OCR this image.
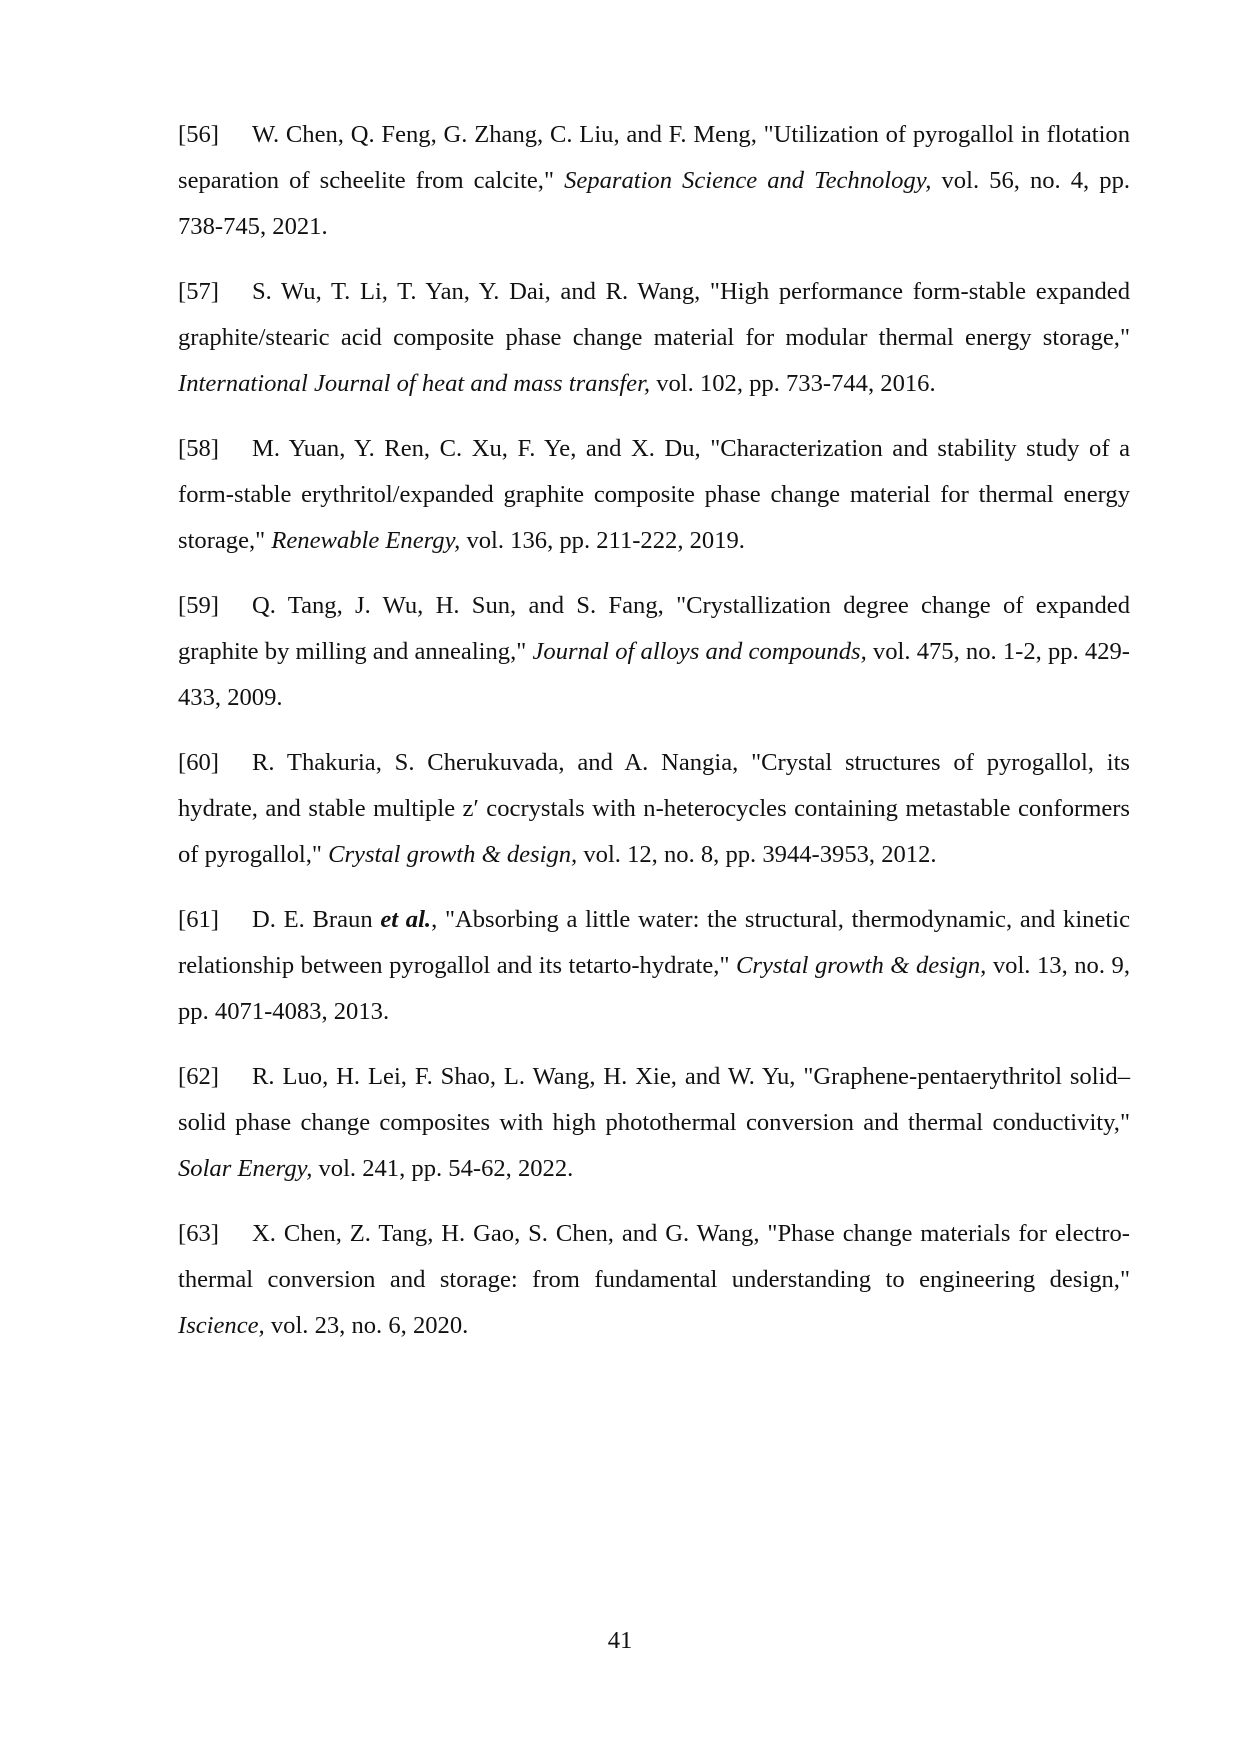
[56] W. Chen, Q. Feng, G. Zhang, C. Liu, and F. Meng, "Utilization of pyrogallol in flotation separation of scheelite from calcite," Separation Science and Technology, vol. 56, no. 4, pp. 738-745, 2021.

[57] S. Wu, T. Li, T. Yan, Y. Dai, and R. Wang, "High performance form-stable expanded graphite/stearic acid composite phase change material for modular thermal energy storage," International Journal of heat and mass transfer, vol. 102, pp. 733-744, 2016.

[58] M. Yuan, Y. Ren, C. Xu, F. Ye, and X. Du, "Characterization and stability study of a form-stable erythritol/expanded graphite composite phase change material for thermal energy storage," Renewable Energy, vol. 136, pp. 211-222, 2019.

[59] Q. Tang, J. Wu, H. Sun, and S. Fang, "Crystallization degree change of expanded graphite by milling and annealing," Journal of alloys and compounds, vol. 475, no. 1-2, pp. 429-433, 2009.

[60] R. Thakuria, S. Cherukuvada, and A. Nangia, "Crystal structures of pyrogallol, its hydrate, and stable multiple z′ cocrystals with n-heterocycles containing metastable conformers of pyrogallol," Crystal growth & design, vol. 12, no. 8, pp. 3944-3953, 2012.

[61] D. E. Braun et al., "Absorbing a little water: the structural, thermodynamic, and kinetic relationship between pyrogallol and its tetarto-hydrate," Crystal growth & design, vol. 13, no. 9, pp. 4071-4083, 2013.

[62] R. Luo, H. Lei, F. Shao, L. Wang, H. Xie, and W. Yu, "Graphene-pentaerythritol solid–solid phase change composites with high photothermal conversion and thermal conductivity," Solar Energy, vol. 241, pp. 54-62, 2022.

[63] X. Chen, Z. Tang, H. Gao, S. Chen, and G. Wang, "Phase change materials for electro-thermal conversion and storage: from fundamental understanding to engineering design," Iscience, vol. 23, no. 6, 2020.

41
